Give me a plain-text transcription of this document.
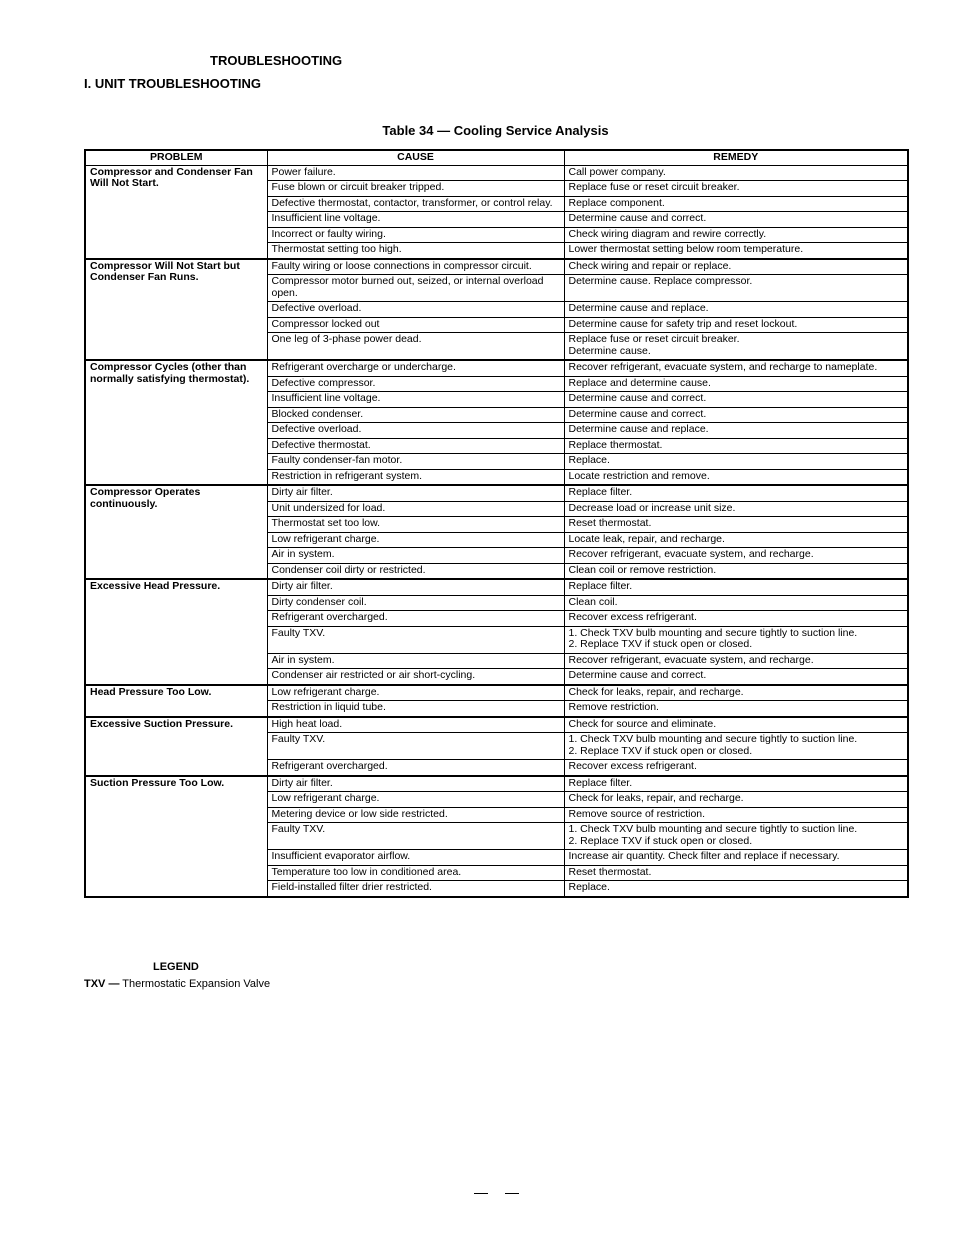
TROUBLESHOOTING
I. UNIT TROUBLESHOOTING
Table 34 — Cooling Service Analysis
PROBLEM	CAUSE	REMEDY
Compressor and Condenser Fan Will Not Start.	Power failure.	Call power company.
	Fuse blown or circuit breaker tripped.	Replace fuse or reset circuit breaker.
	Defective thermostat, contactor, transformer, or control relay.	Replace component.
	Insufficient line voltage.	Determine cause and correct.
	Incorrect or faulty wiring.	Check wiring diagram and rewire correctly.
	Thermostat setting too high.	Lower thermostat setting below room temperature.
Compressor Will Not Start but Condenser Fan Runs.	Faulty wiring or loose connections in compressor circuit.	Check wiring and repair or replace.
	Compressor motor burned out, seized, or internal overload open.	Determine cause. Replace compressor.
	Defective overload.	Determine cause and replace.
	Compressor locked out	Determine cause for safety trip and reset lockout.
	One leg of 3-phase power dead.	Replace fuse or reset circuit breaker.
Determine cause.
Compressor Cycles (other than normally satisfying thermostat).	Refrigerant overcharge or undercharge.	Recover refrigerant, evacuate system, and recharge to nameplate.
	Defective compressor.	Replace and determine cause.
	Insufficient line voltage.	Determine cause and correct.
	Blocked condenser.	Determine cause and correct.
	Defective overload.	Determine cause and replace.
	Defective thermostat.	Replace thermostat.
	Faulty condenser-fan motor.	Replace.
	Restriction in refrigerant system.	Locate restriction and remove.
Compressor Operates continuously.	Dirty air filter.	Replace filter.
	Unit undersized for load.	Decrease load or increase unit size.
	Thermostat set too low.	Reset thermostat.
	Low refrigerant charge.	Locate leak, repair, and recharge.
	Air in system.	Recover refrigerant, evacuate system, and recharge.
	Condenser coil dirty or restricted.	Clean coil or remove restriction.
Excessive Head Pressure.	Dirty air filter.	Replace filter.
	Dirty condenser coil.	Clean coil.
	Refrigerant overcharged.	Recover excess refrigerant.
	Faulty TXV.	1. Check TXV bulb mounting and secure tightly to suction line.
2. Replace TXV if stuck open or closed.
	Air in system.	Recover refrigerant, evacuate system, and recharge.
	Condenser air restricted or air short-cycling.	Determine cause and correct.
Head Pressure Too Low.	Low refrigerant charge.	Check for leaks, repair, and recharge.
	Restriction in liquid tube.	Remove restriction.
Excessive Suction Pressure.	High heat load.	Check for source and eliminate.
	Faulty TXV.	1. Check TXV bulb mounting and secure tightly to suction line.
2. Replace TXV if stuck open or closed.
	Refrigerant overcharged.	Recover excess refrigerant.
Suction Pressure Too Low.	Dirty air filter.	Replace filter.
	Low refrigerant charge.	Check for leaks, repair, and recharge.
	Metering device or low side restricted.	Remove source of restriction.
	Faulty TXV.	1. Check TXV bulb mounting and secure tightly to suction line.
2. Replace TXV if stuck open or closed.
	Insufficient evaporator airflow.	Increase air quantity. Check filter and replace if necessary.
	Temperature too low in conditioned area.	Reset thermostat.
	Field-installed filter drier restricted.	Replace.
LEGEND
TXV — Thermostatic Expansion Valve
